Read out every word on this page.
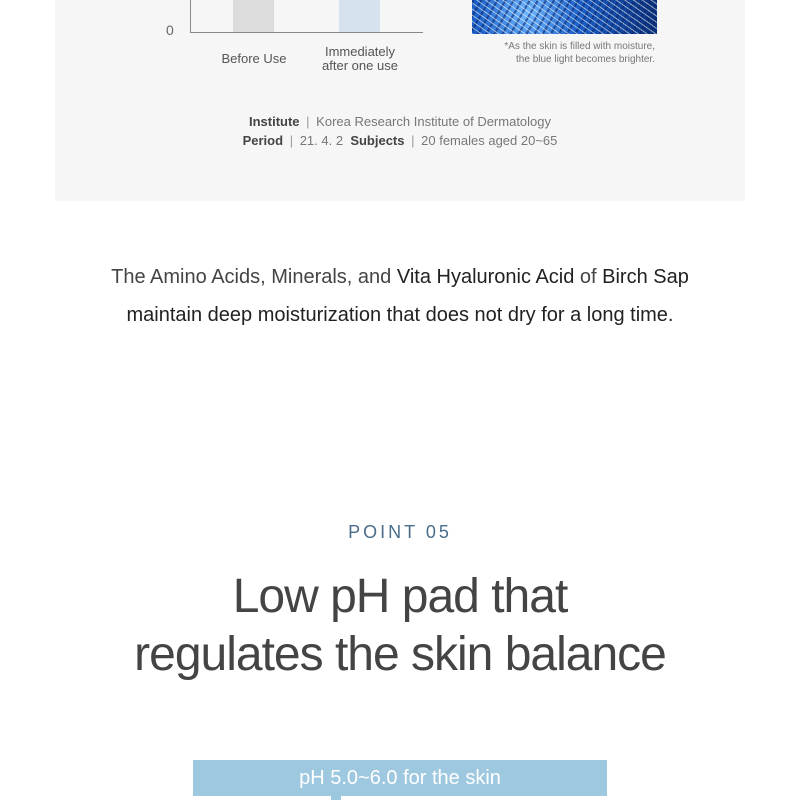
0
Before Use	Immediately
after one use
*As the skin is filled with moisture,
the blue light becomes brighter.
Institute | Korea Research Institute of Dermatology
Period | 21. 4. 2 Subjects | 20 females aged 20~65
The Amino Acids, Minerals, and Vita Hyaluronic Acid of Birch Sap
maintain deep moisturization that does not dry for a long time.
POINT 05
Low pH pad that
regulates the skin balance
pH 5.0~6.0 for the skin
